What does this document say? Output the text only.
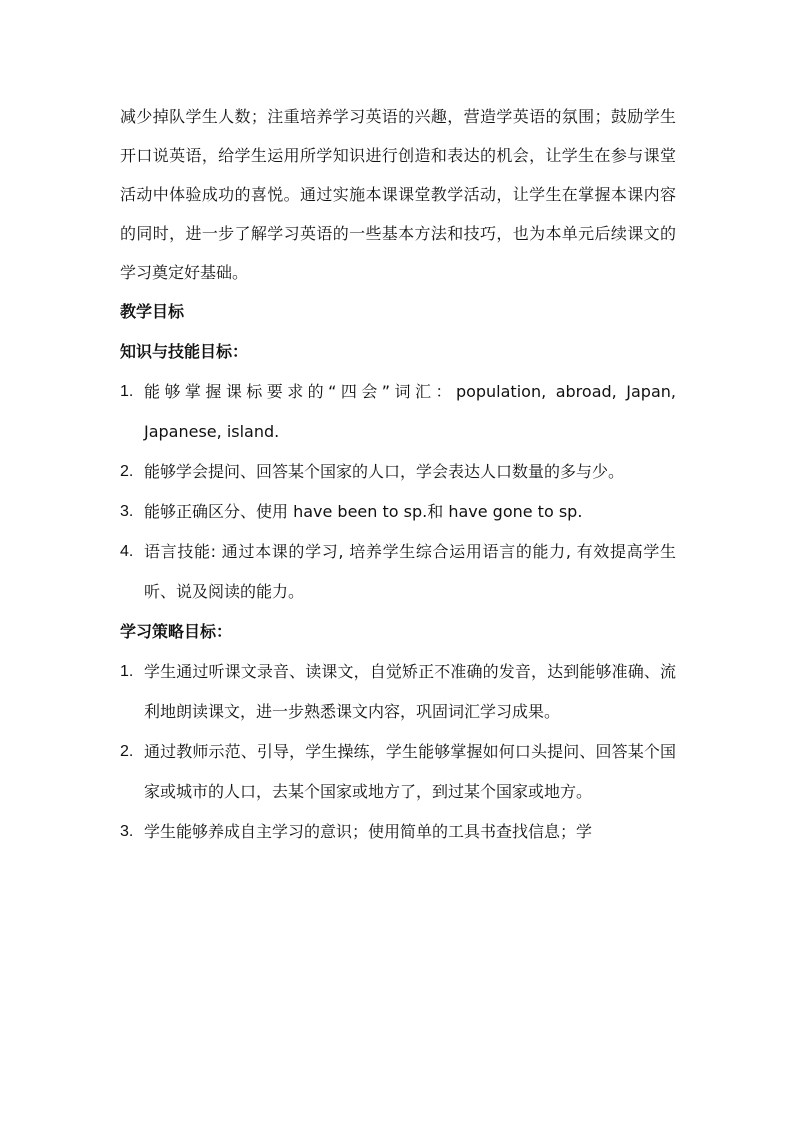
减少掉队学生人数；注重培养学习英语的兴趣，营造学英语的氛围；鼓励学生开口说英语，给学生运用所学知识进行创造和表达的机会，让学生在参与课堂活动中体验成功的喜悦。通过实施本课课堂教学活动，让学生在掌握本课内容的同时，进一步了解学习英语的一些基本方法和技巧，也为本单元后续课文的学习奠定好基础。

教学目标

知识与技能目标：

1. 能够掌握课标要求的“四会”词汇：population, abroad, Japan, Japanese, island.
2. 能够学会提问、回答某个国家的人口，学会表达人口数量的多与少。
3. 能够正确区分、使用 have been to sp.和 have gone to sp.
4. 语言技能: 通过本课的学习, 培养学生综合运用语言的能力, 有效提高学生听、说及阅读的能力。

学习策略目标：

1. 学生通过听课文录音、读课文，自觉矫正不准确的发音，达到能够准确、流利地朗读课文，进一步熟悉课文内容，巩固词汇学习成果。
2. 通过教师示范、引导，学生操练，学生能够掌握如何口头提问、回答某个国家或城市的人口，去某个国家或地方了，到过某个国家或地方。
3. 学生能够养成自主学习的意识；使用简单的工具书查找信息；学
